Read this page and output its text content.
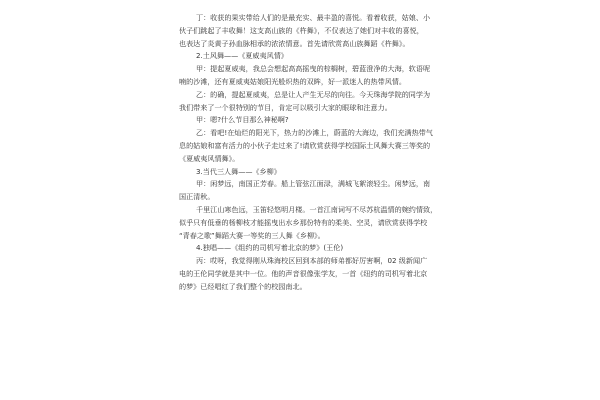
丁：收获的果实带给人们的是最充实、最丰盈的喜悦。看着收获，姑娘、小
伙子们跳起了丰收舞！这支高山族的《杵舞》，不仅表达了她们对丰收的喜悦，
也表达了炎黄子孙血脉相承的浓浓情意。首先请欣赏高山族舞蹈《杵舞》。
2.土风舞——《夏威夷风情》
甲：提起夏威夷，我总会想起高高摇曳的棕榈树，碧蓝澄净的大海，软语呢
喃的沙滩，还有夏威夷姑娘阳光般炽热的双眸，好一派迷人的热带风情。
乙：的确，提起夏威夷，总是让人产生无尽的向往。今天珠海学院的同学为
我们带来了一个很特别的节目，肯定可以吸引大家的眼球和注意力。
甲：嗯?什么节目那么神秘啊?
乙：看吧!在灿烂的阳光下，热力的沙滩上，蔚蓝的大海边，我们充满热带气
息的姑娘和富有活力的小伙子走过来了!请欣赏获得学校国际土风舞大赛三等奖的
《夏威夷风情舞》。
3.当代三人舞——《乡柳》
甲：闲梦远，南国正芳春。船上管弦江面渌，满城飞絮滚轻尘。闲梦远，南
国正清秋。
千里江山寒色远，玉笛轻悠明月楼。一首江南词写不尽苏杭温情的婉约情致，
似乎只有低垂的杨柳枝才能摇曳出水乡那份特有的柔美、空灵，请欣赏获得学校
“青春之歌”舞蹈大赛一等奖的三人舞《乡柳》。
4.独唱——《组约的司机写着北京的梦》(王伦)
丙：哎呀，我觉得刚从珠海校区回到本部的师弟都好厉害啊，02 级新闻广
电的王伦同学就是其中一位。他的声音很像张学友，一首《纽约的司机写着北京
的梦》已经唱红了我们整个的校园南北。
